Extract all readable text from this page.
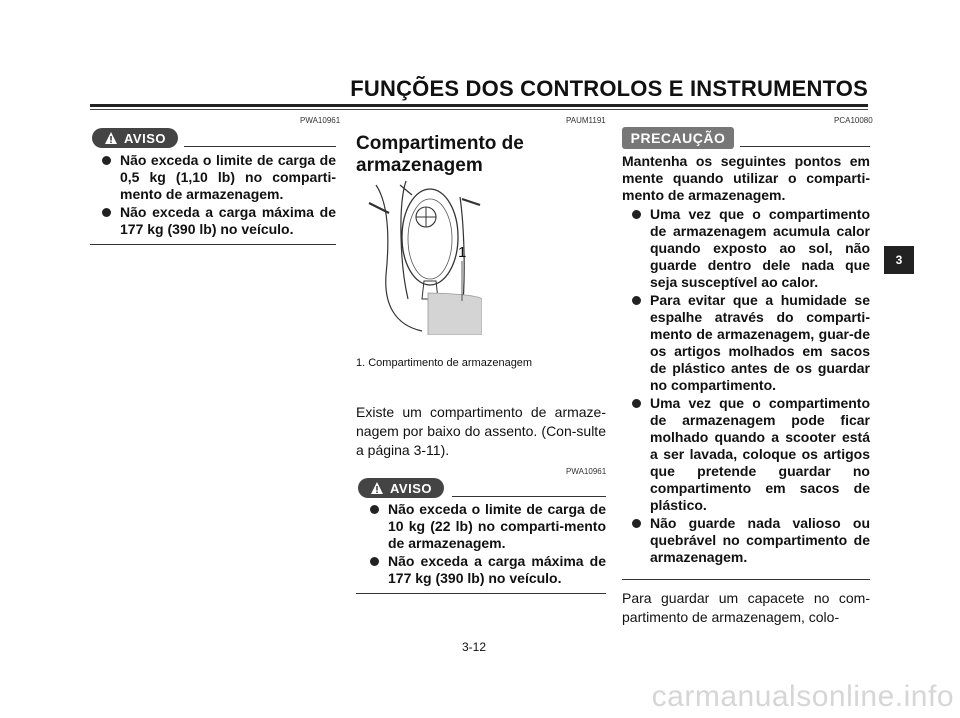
FUNÇÕES DOS CONTROLOS E INSTRUMENTOS
PWA10961
AVISO
Não exceda o limite de carga de 0,5 kg (1,10 lb) no comparti-mento de armazenagem.
Não exceda a carga máxima de 177 kg (390 lb) no veículo.
PAUM1191
Compartimento de armazenagem
1
1. Compartimento de armazenagem
Existe um compartimento de armaze-nagem por baixo do assento. (Con-sulte a página 3-11).
PWA10961
AVISO
Não exceda o limite de carga de 10 kg (22 lb) no comparti-mento de armazenagem.
Não exceda a carga máxima de 177 kg (390 lb) no veículo.
PCA10080
PRECAUÇÃO
Mantenha os seguintes pontos em mente quando utilizar o comparti-mento de armazenagem.
Uma vez que o compartimento de armazenagem acumula calor quando exposto ao sol, não guarde dentro dele nada que seja susceptível ao calor.
Para evitar que a humidade se espalhe através do comparti-mento de armazenagem, guar-de os artigos molhados em sacos de plástico antes de os guardar no compartimento.
Uma vez que o compartimento de armazenagem pode ficar molhado quando a scooter está a ser lavada, coloque os artigos que pretende guardar no compartimento em sacos de plástico.
Não guarde nada valioso ou quebrável no compartimento de armazenagem.
Para guardar um capacete no com-partimento de armazenagem, colo-
3-12
3
carmanualsonline.info
